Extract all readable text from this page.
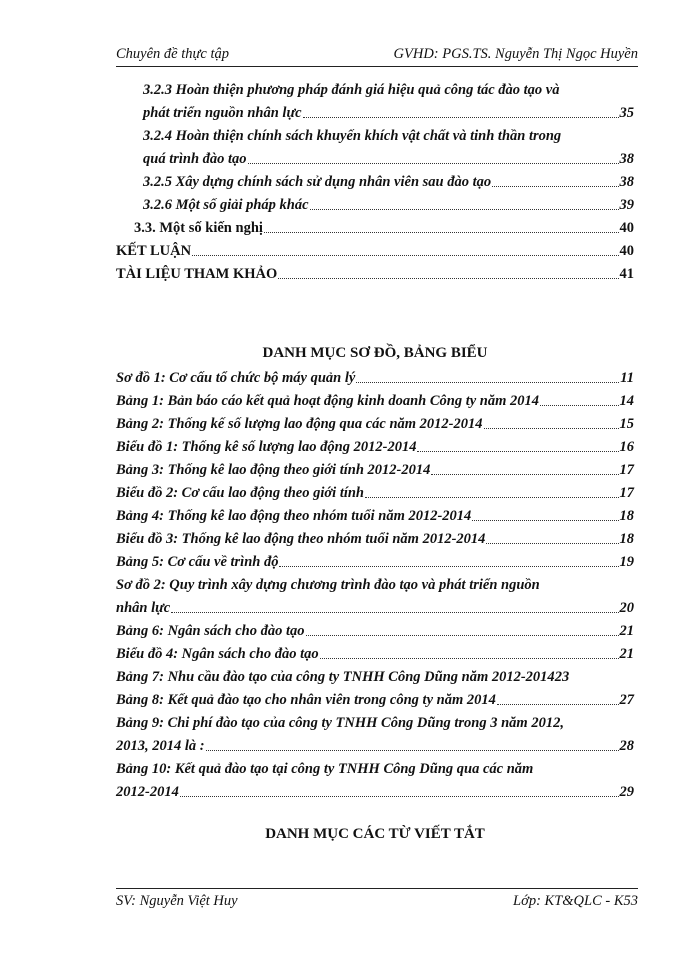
Chuyên đề thực tập	GVHD: PGS.TS. Nguyễn Thị Ngọc Huyền
3.2.3 Hoàn thiện phương pháp đánh giá hiệu quả công tác đào tạo và
phát triển nguồn nhân lực	35
3.2.4 Hoàn thiện chính sách khuyến khích vật chất và tinh thần trong
quá trình đào tạo	38
3.2.5 Xây dựng chính sách sử dụng nhân viên sau đào tạo	38
3.2.6 Một số giải pháp khác	39
3.3. Một số kiến nghị	40
KẾT LUẬN	40
TÀI LIỆU THAM KHẢO	41
DANH MỤC SƠ ĐỒ, BẢNG BIỂU
Sơ đồ 1: Cơ cấu tổ chức bộ máy quản lý	11
Bảng 1: Bản báo cáo kết quả hoạt động kinh doanh Công ty năm 2014	14
Bảng 2: Thống kế số lượng lao động qua các năm 2012-2014	15
Biểu đồ 1: Thống kê số lượng lao động 2012-2014	16
Bảng 3: Thống kê lao động theo giới tính 2012-2014	17
Biểu đồ 2: Cơ cấu lao động theo giới tính	17
Bảng 4: Thống kê lao động theo nhóm tuổi năm 2012-2014	18
Biểu đồ 3: Thống kê lao động theo nhóm tuổi năm 2012-2014	18
Bảng 5: Cơ cấu về trình độ	19
Sơ đồ 2: Quy trình xây dựng chương trình đào tạo và phát triển nguồn
nhân lực	20
Bảng 6: Ngân sách cho đào tạo	21
Biểu đồ 4: Ngân sách cho đào tạo	21
Bảng 7: Nhu cầu đào tạo của công ty TNHH Công Dũng năm 2012-2014 23
Bảng 8: Kết quả đào tạo cho nhân viên trong công ty năm 2014	27
Bảng 9: Chi phí đào tạo của công ty TNHH Công Dũng trong 3 năm 2012,
2013, 2014 là :	28
Bảng 10: Kết quả đào tạo tại công ty TNHH Công Dũng qua các năm
2012-2014	29
DANH MỤC CÁC TỪ VIẾT TẮT
SV: Nguyễn Việt Huy	Lớp: KT&QLC - K53
